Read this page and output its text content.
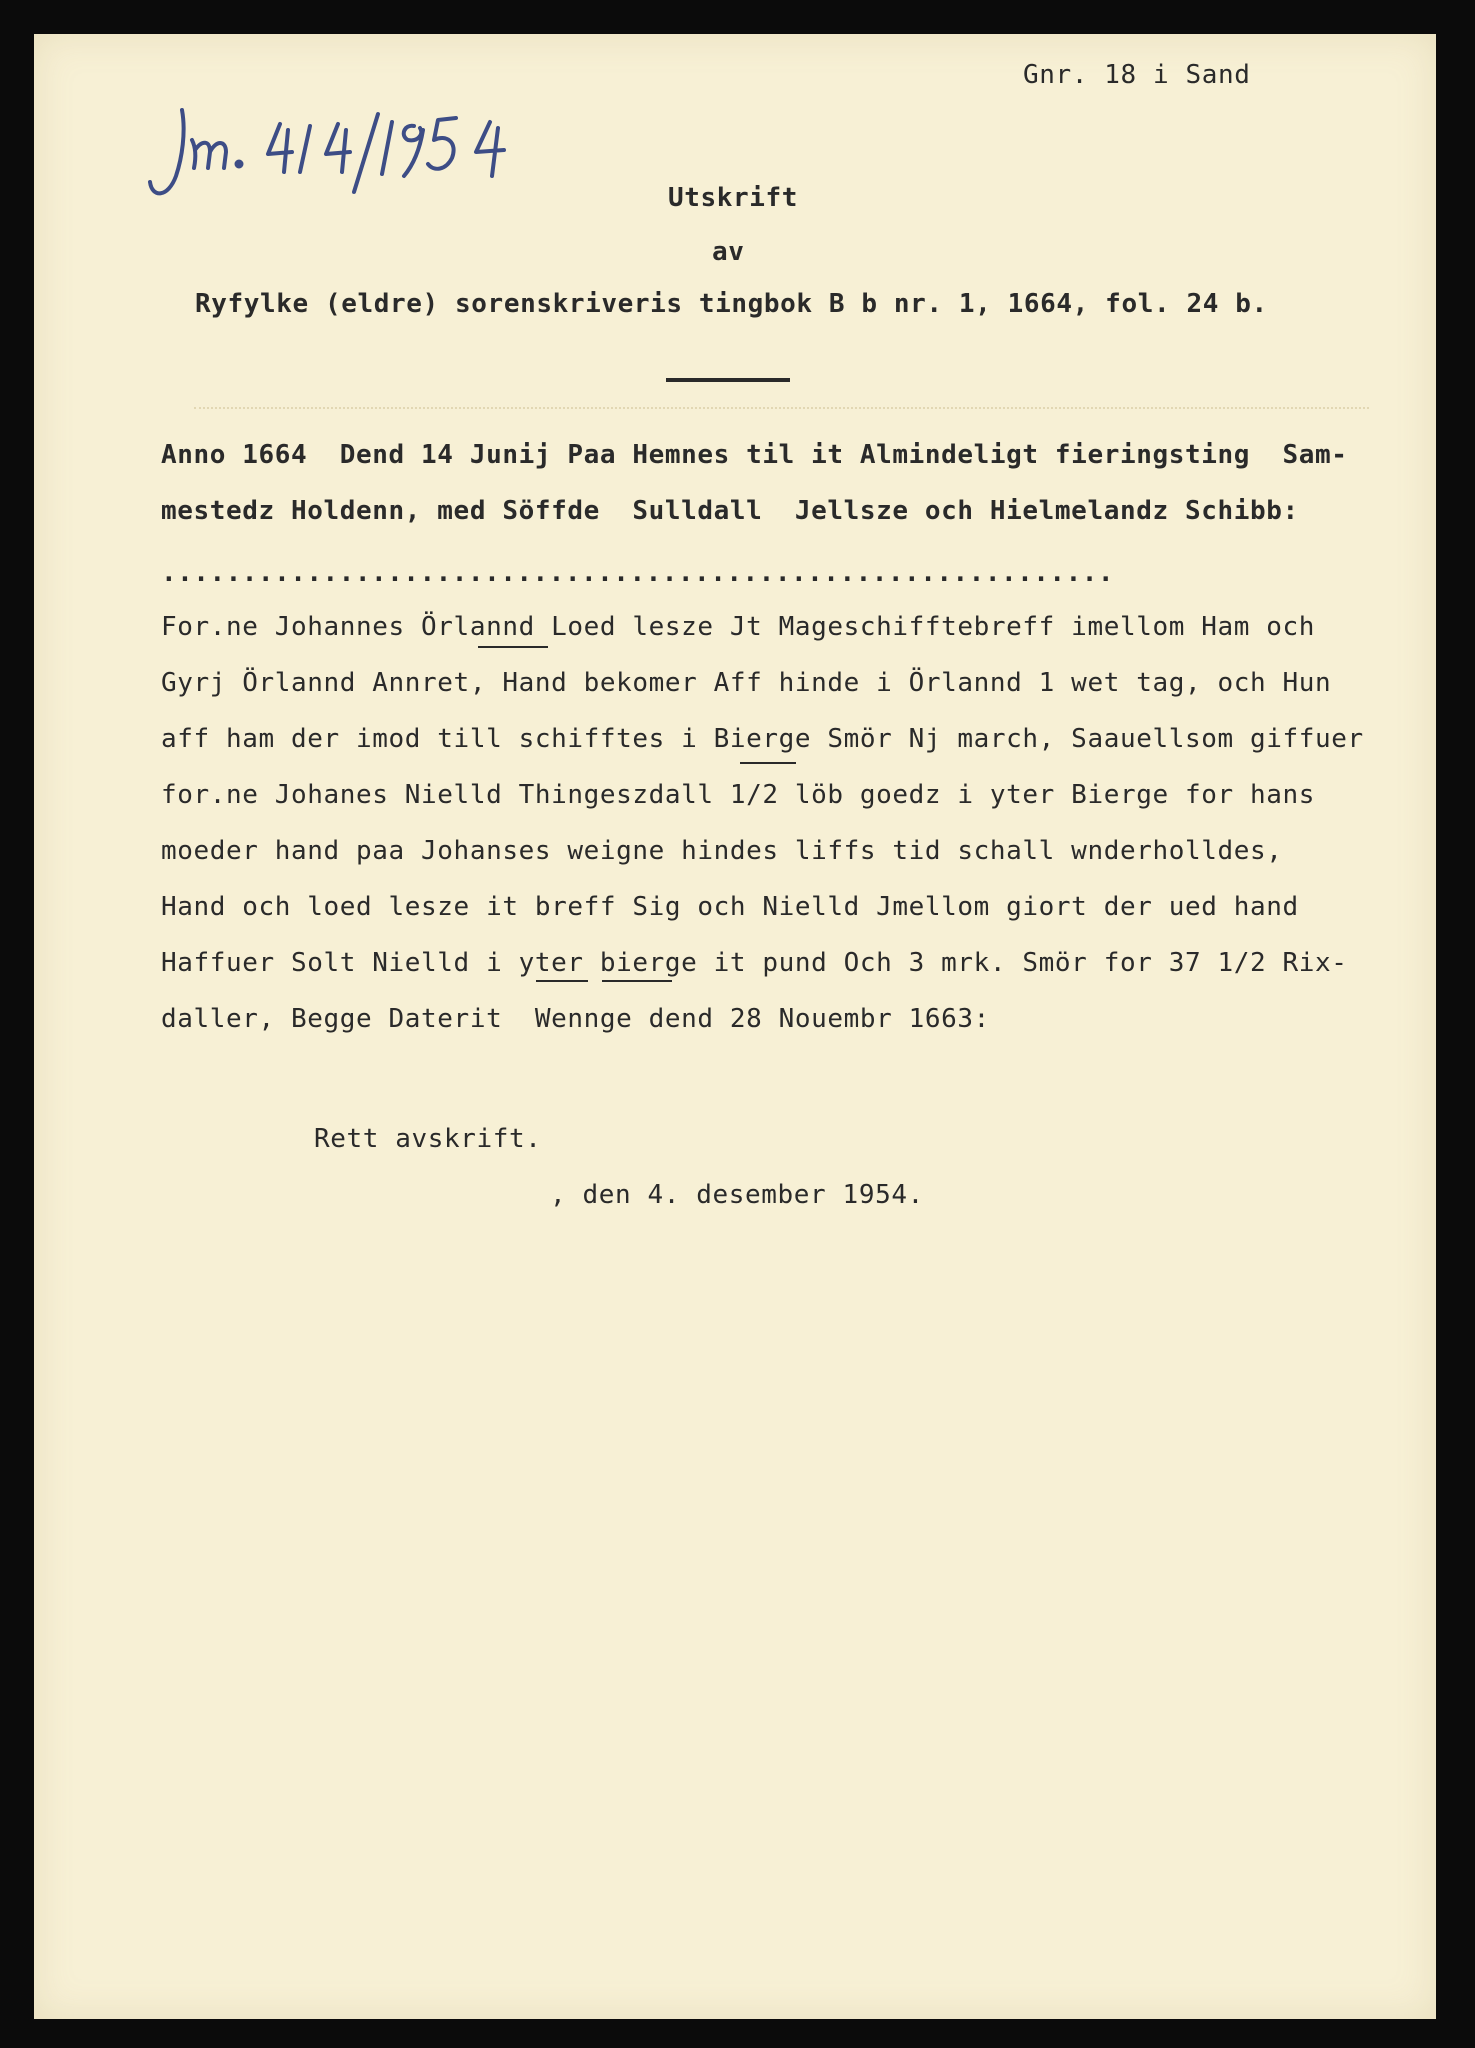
Gnr. 18 i Sand
Utskrift
av
Ryfylke (eldre) sorenskriveris tingbok B b nr. 1, 1664, fol. 24 b.
Anno 1664  Dend 14 Junij Paa Hemnes til it Almindeligt fieringsting  Sam-
mestedz Holdenn, med Söffde  Sulldall  Jellsze och Hielmelandz Schibb:
...........................................................
For.ne Johannes Örlannd Loed lesze Jt Mageschifftebreff imellom Ham och
Gyrj Örlannd Annret, Hand bekomer Aff hinde i Örlannd 1 wet tag, och Hun
aff ham der imod till schifftes i Bierge Smör Nj march, Saauellsom giffuer
for.ne Johanes Nielld Thingeszdall 1/2 löb goedz i yter Bierge for hans
moeder hand paa Johanses weigne hindes liffs tid schall wnderholldes,
Hand och loed lesze it breff Sig och Nielld Jmellom giort der ued hand
Haffuer Solt Nielld i yter bierge it pund Och 3 mrk. Smör for 37 1/2 Rix-
daller, Begge Daterit  Wennge dend 28 Nouembr 1663:
Rett avskrift.
, den 4. desember 1954.
